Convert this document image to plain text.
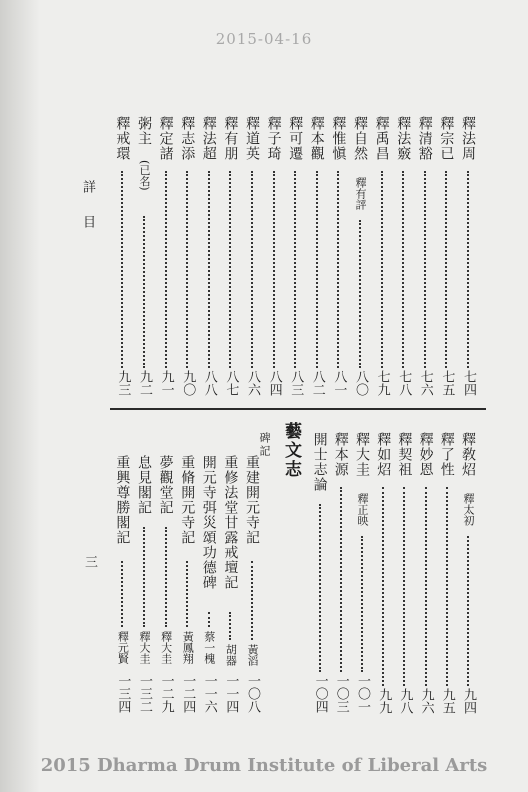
2015-04-16
詳目
三
釋法周
七四
釋宗已
七五
釋清豁
七六
釋法竅
七八
釋禹昌
七九
釋自然
釋有評
八〇
釋惟愼
八一
釋本觀
八二
釋可遷
八三
釋子琦
八四
釋道英
八六
釋有朋
八七
釋法超
八八
釋志添
九〇
釋定諸
九一
粥主
(已名)
九二
釋戒環
九三
釋敎炤
釋太初
九四
釋了性
九五
釋妙恩
九六
釋契祖
九八
釋如炤
九九
釋大圭
釋正映
一〇一
釋本源
一〇三
開士志論
一〇四
重建開元寺記
黃滔
一〇八
重修法堂甘露戒壇記
胡器
一一四
開元寺弭災頌功德碑
蔡一槐
一一六
重脩開元寺記
黃鳳翔
一二四
夢觀堂記
釋大圭
一二九
息見閣記
釋大圭
一三二
重興尊勝閣記
釋元賢
一三四
藝文志
碑記
2015 Dharma Drum Institute of Liberal Arts
